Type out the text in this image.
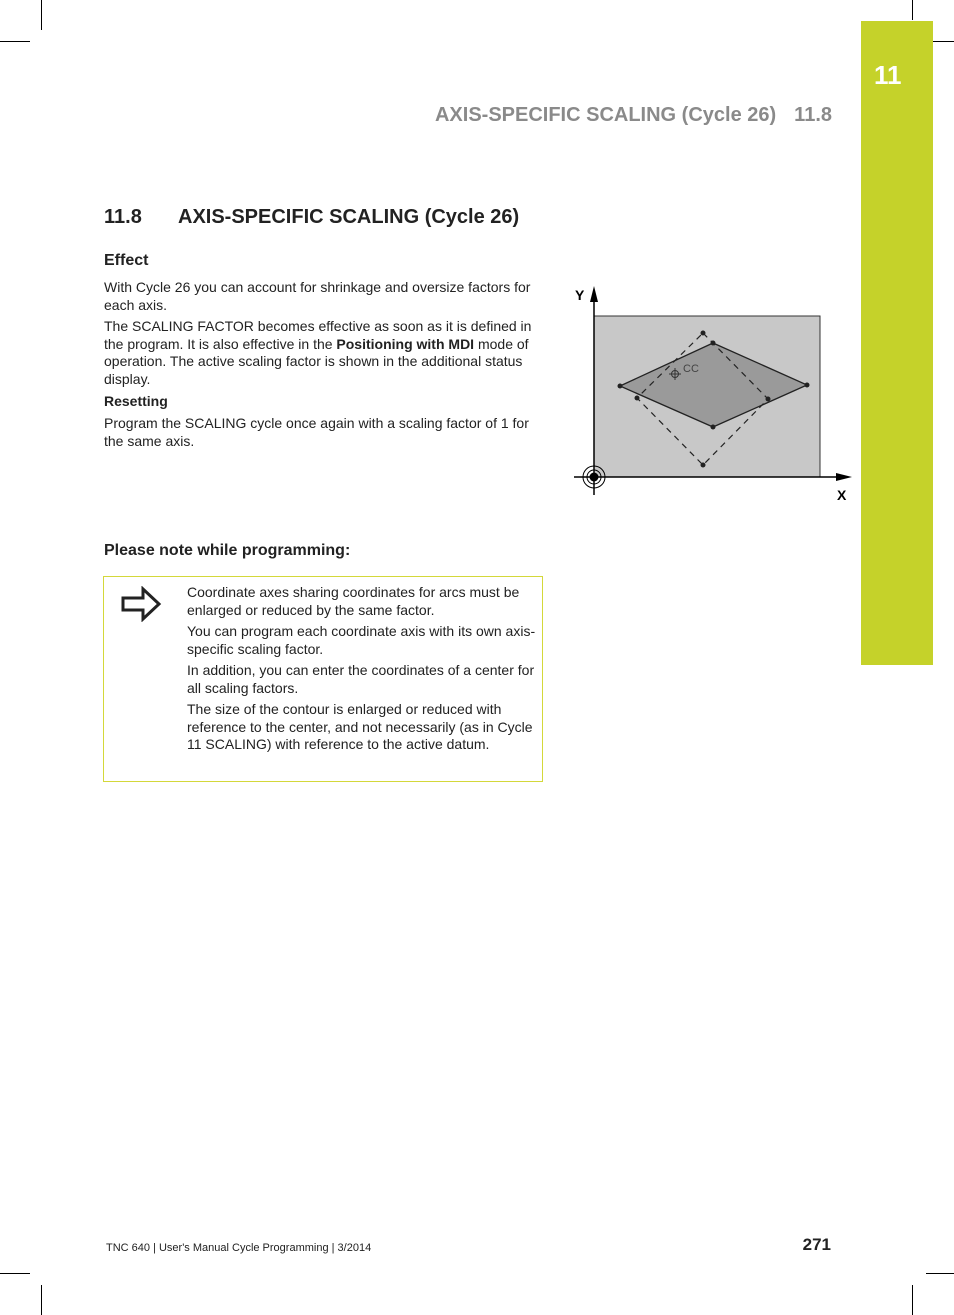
11
AXIS-SPECIFIC SCALING (Cycle 26) 11.8
11.8 AXIS-SPECIFIC SCALING (Cycle 26)
Effect
With Cycle 26 you can account for shrinkage and oversize factors for each axis.
The SCALING FACTOR becomes effective as soon as it is defined in the program. It is also effective in the Positioning with MDI mode of operation. The active scaling factor is shown in the additional status display.
Resetting
Program the SCALING cycle once again with a scaling factor of 1 for the same axis.
CC
Y
X
Please note while programming:

Coordinate axes sharing coordinates for arcs must be enlarged or reduced by the same factor.

You can program each coordinate axis with its own axis-specific scaling factor.

In addition, you can enter the coordinates of a center for all scaling factors.

The size of the contour is enlarged or reduced with reference to the center, and not necessarily (as in Cycle 11 SCALING) with reference to the active datum.

TNC 640 | User's Manual Cycle Programming | 3/2014	271
